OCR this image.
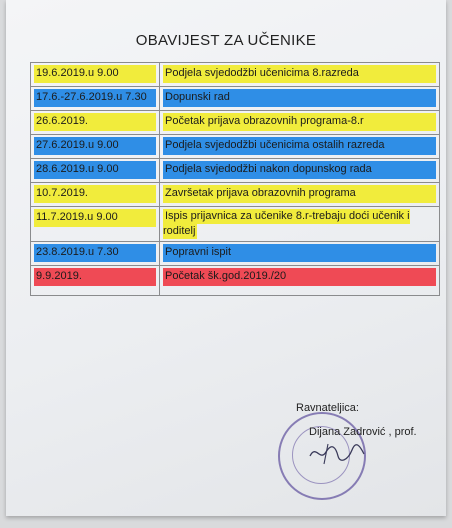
OBAVIJEST ZA UČENIKE
19.6.2019.u 9.00	Podjela svjedodžbi učenicima 8.razreda

17.6.-27.6.2019.u 7.30	Dopunski rad

26.6.2019.	Početak prijava obrazovnih programa-8.r

27.6.2019.u 9.00	Podjela svjedodžbi učenicima ostalih razreda

28.6.2019.u 9.00	Podjela svjedodžbi nakon dopunskog rada

10.7.2019.	Završetak prijava obrazovnih programa

11.7.2019.u 9.00	Ispis prijavnica za učenike 8.r-trebaju doći učenik i roditelj

23.8.2019.u 7.30	Popravni ispit

9.9.2019.	Početak šk.god.2019./20
Ravnateljica:
Dijana Zadrović , prof.
